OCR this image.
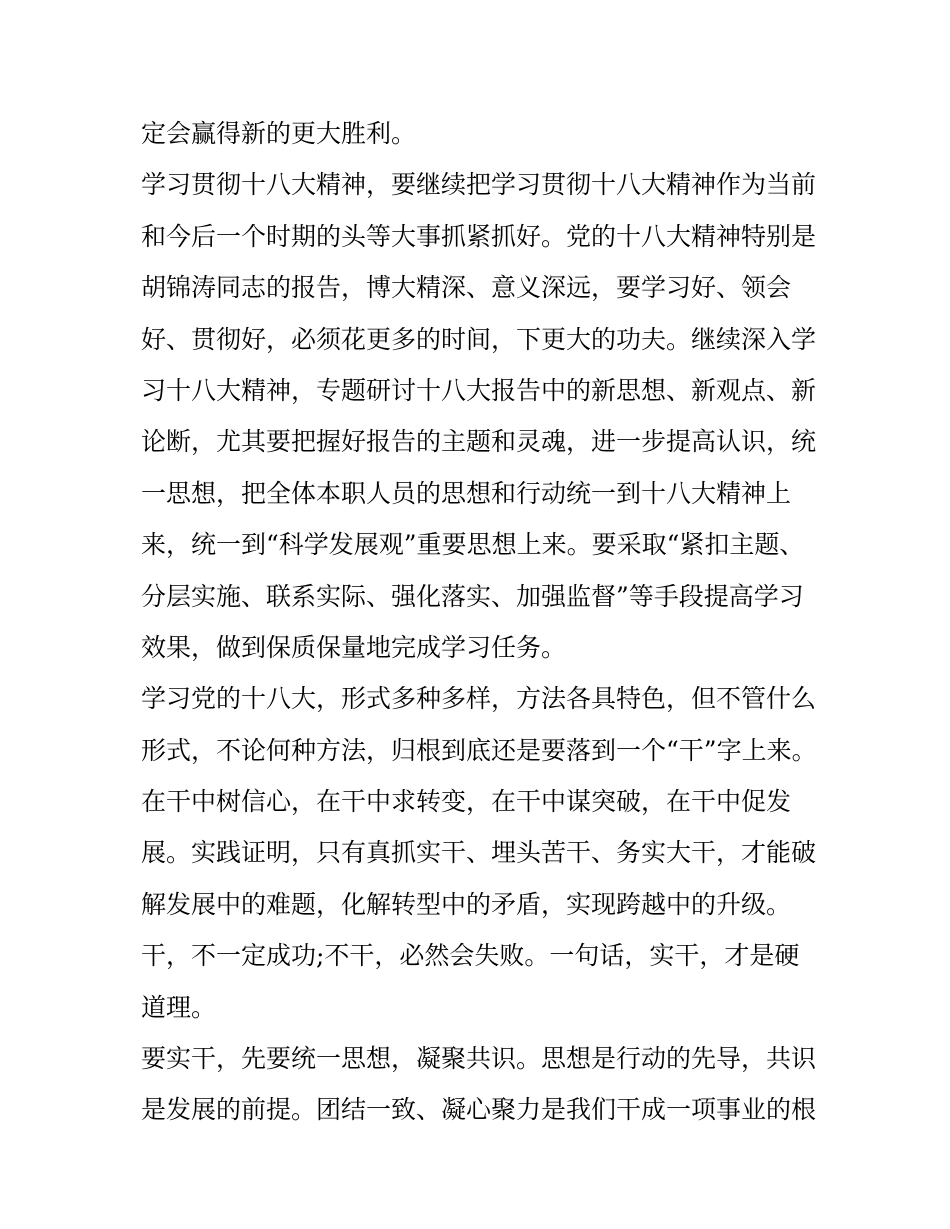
定会赢得新的更大胜利。
学习贯彻十八大精神，要继续把学习贯彻十八大精神作为当前
和今后一个时期的头等大事抓紧抓好。党的十八大精神特别是
胡锦涛同志的报告，博大精深、意义深远，要学习好、领会
好、贯彻好，必须花更多的时间，下更大的功夫。继续深入学
习十八大精神，专题研讨十八大报告中的新思想、新观点、新
论断，尤其要把握好报告的主题和灵魂，进一步提高认识，统
一思想，把全体本职人员的思想和行动统一到十八大精神上
来，统一到“科学发展观”重要思想上来。要采取“紧扣主题、
分层实施、联系实际、强化落实、加强监督”等手段提高学习
效果，做到保质保量地完成学习任务。
学习党的十八大，形式多种多样，方法各具特色，但不管什么
形式，不论何种方法，归根到底还是要落到一个“干”字上来。
在干中树信心，在干中求转变，在干中谋突破，在干中促发
展。实践证明，只有真抓实干、埋头苦干、务实大干，才能破
解发展中的难题，化解转型中的矛盾，实现跨越中的升级。
干，不一定成功;不干，必然会失败。一句话，实干，才是硬
道理。
要实干，先要统一思想，凝聚共识。思想是行动的先导，共识
是发展的前提。团结一致、凝心聚力是我们干成一项事业的根
